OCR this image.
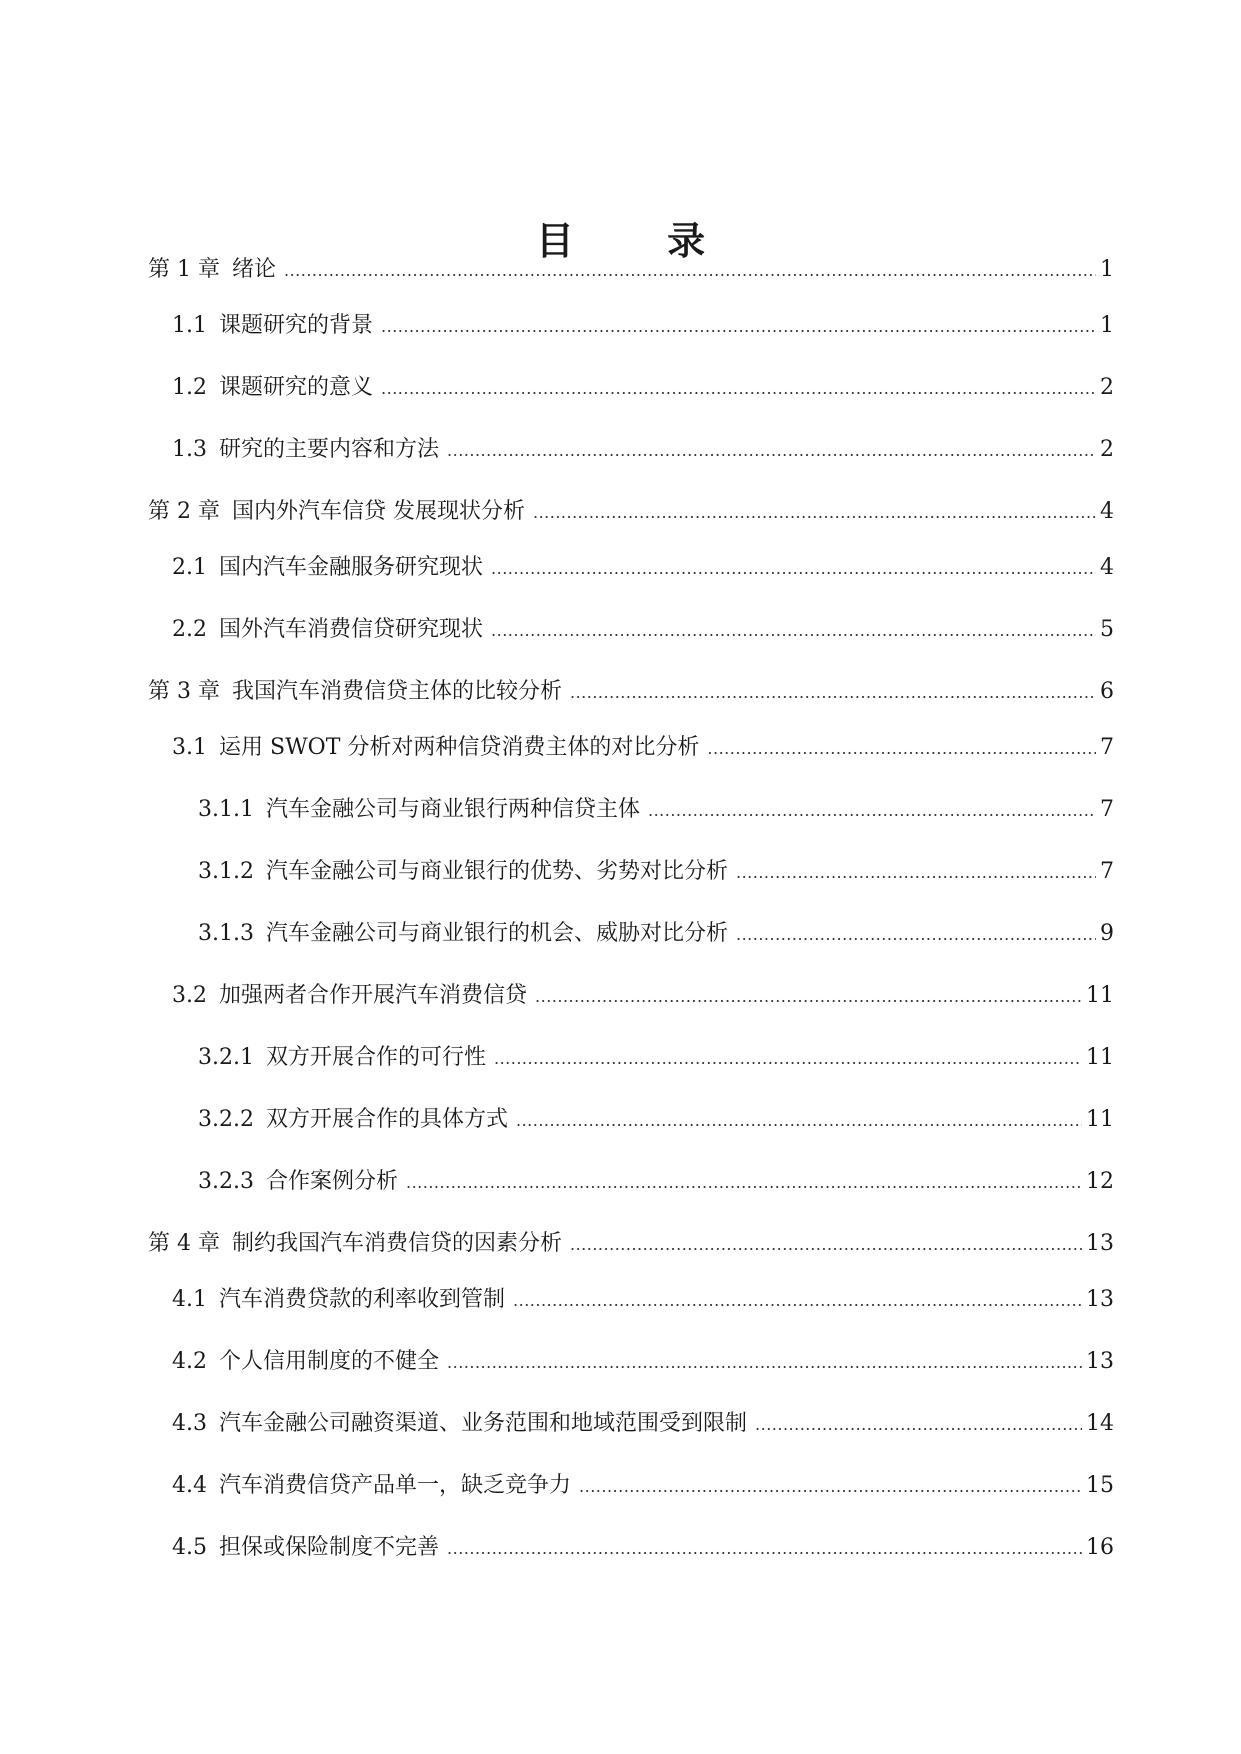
目 录
第 1 章 绪论 .....	1
1.1 课题研究的背景 .....	1
1.2 课题研究的意义 .....	2
1.3 研究的主要内容和方法 .....	2
第 2 章 国内外汽车信贷 发展现状分析 .....	4
2.1 国内汽车金融服务研究现状 .....	4
2.2 国外汽车消费信贷研究现状 .....	5
第 3 章 我国汽车消费信贷主体的比较分析 .....	6
3.1 运用 SWOT 分析对两种信贷消费主体的对比分析 .....	7
3.1.1 汽车金融公司与商业银行两种信贷主体 .....	7
3.1.2 汽车金融公司与商业银行的优势、劣势对比分析 .....	7
3.1.3 汽车金融公司与商业银行的机会、威胁对比分析 .....	9
3.2 加强两者合作开展汽车消费信贷 .....	11
3.2.1 双方开展合作的可行性 .....	11
3.2.2 双方开展合作的具体方式 .....	11
3.2.3 合作案例分析 .....	12
第 4 章 制约我国汽车消费信贷的因素分析 .....	13
4.1 汽车消费贷款的利率收到管制 .....	13
4.2 个人信用制度的不健全 .....	13
4.3 汽车金融公司融资渠道、业务范围和地域范围受到限制 .....	14
4.4 汽车消费信贷产品单一，缺乏竞争力 .....	15
4.5 担保或保险制度不完善 .....	16
